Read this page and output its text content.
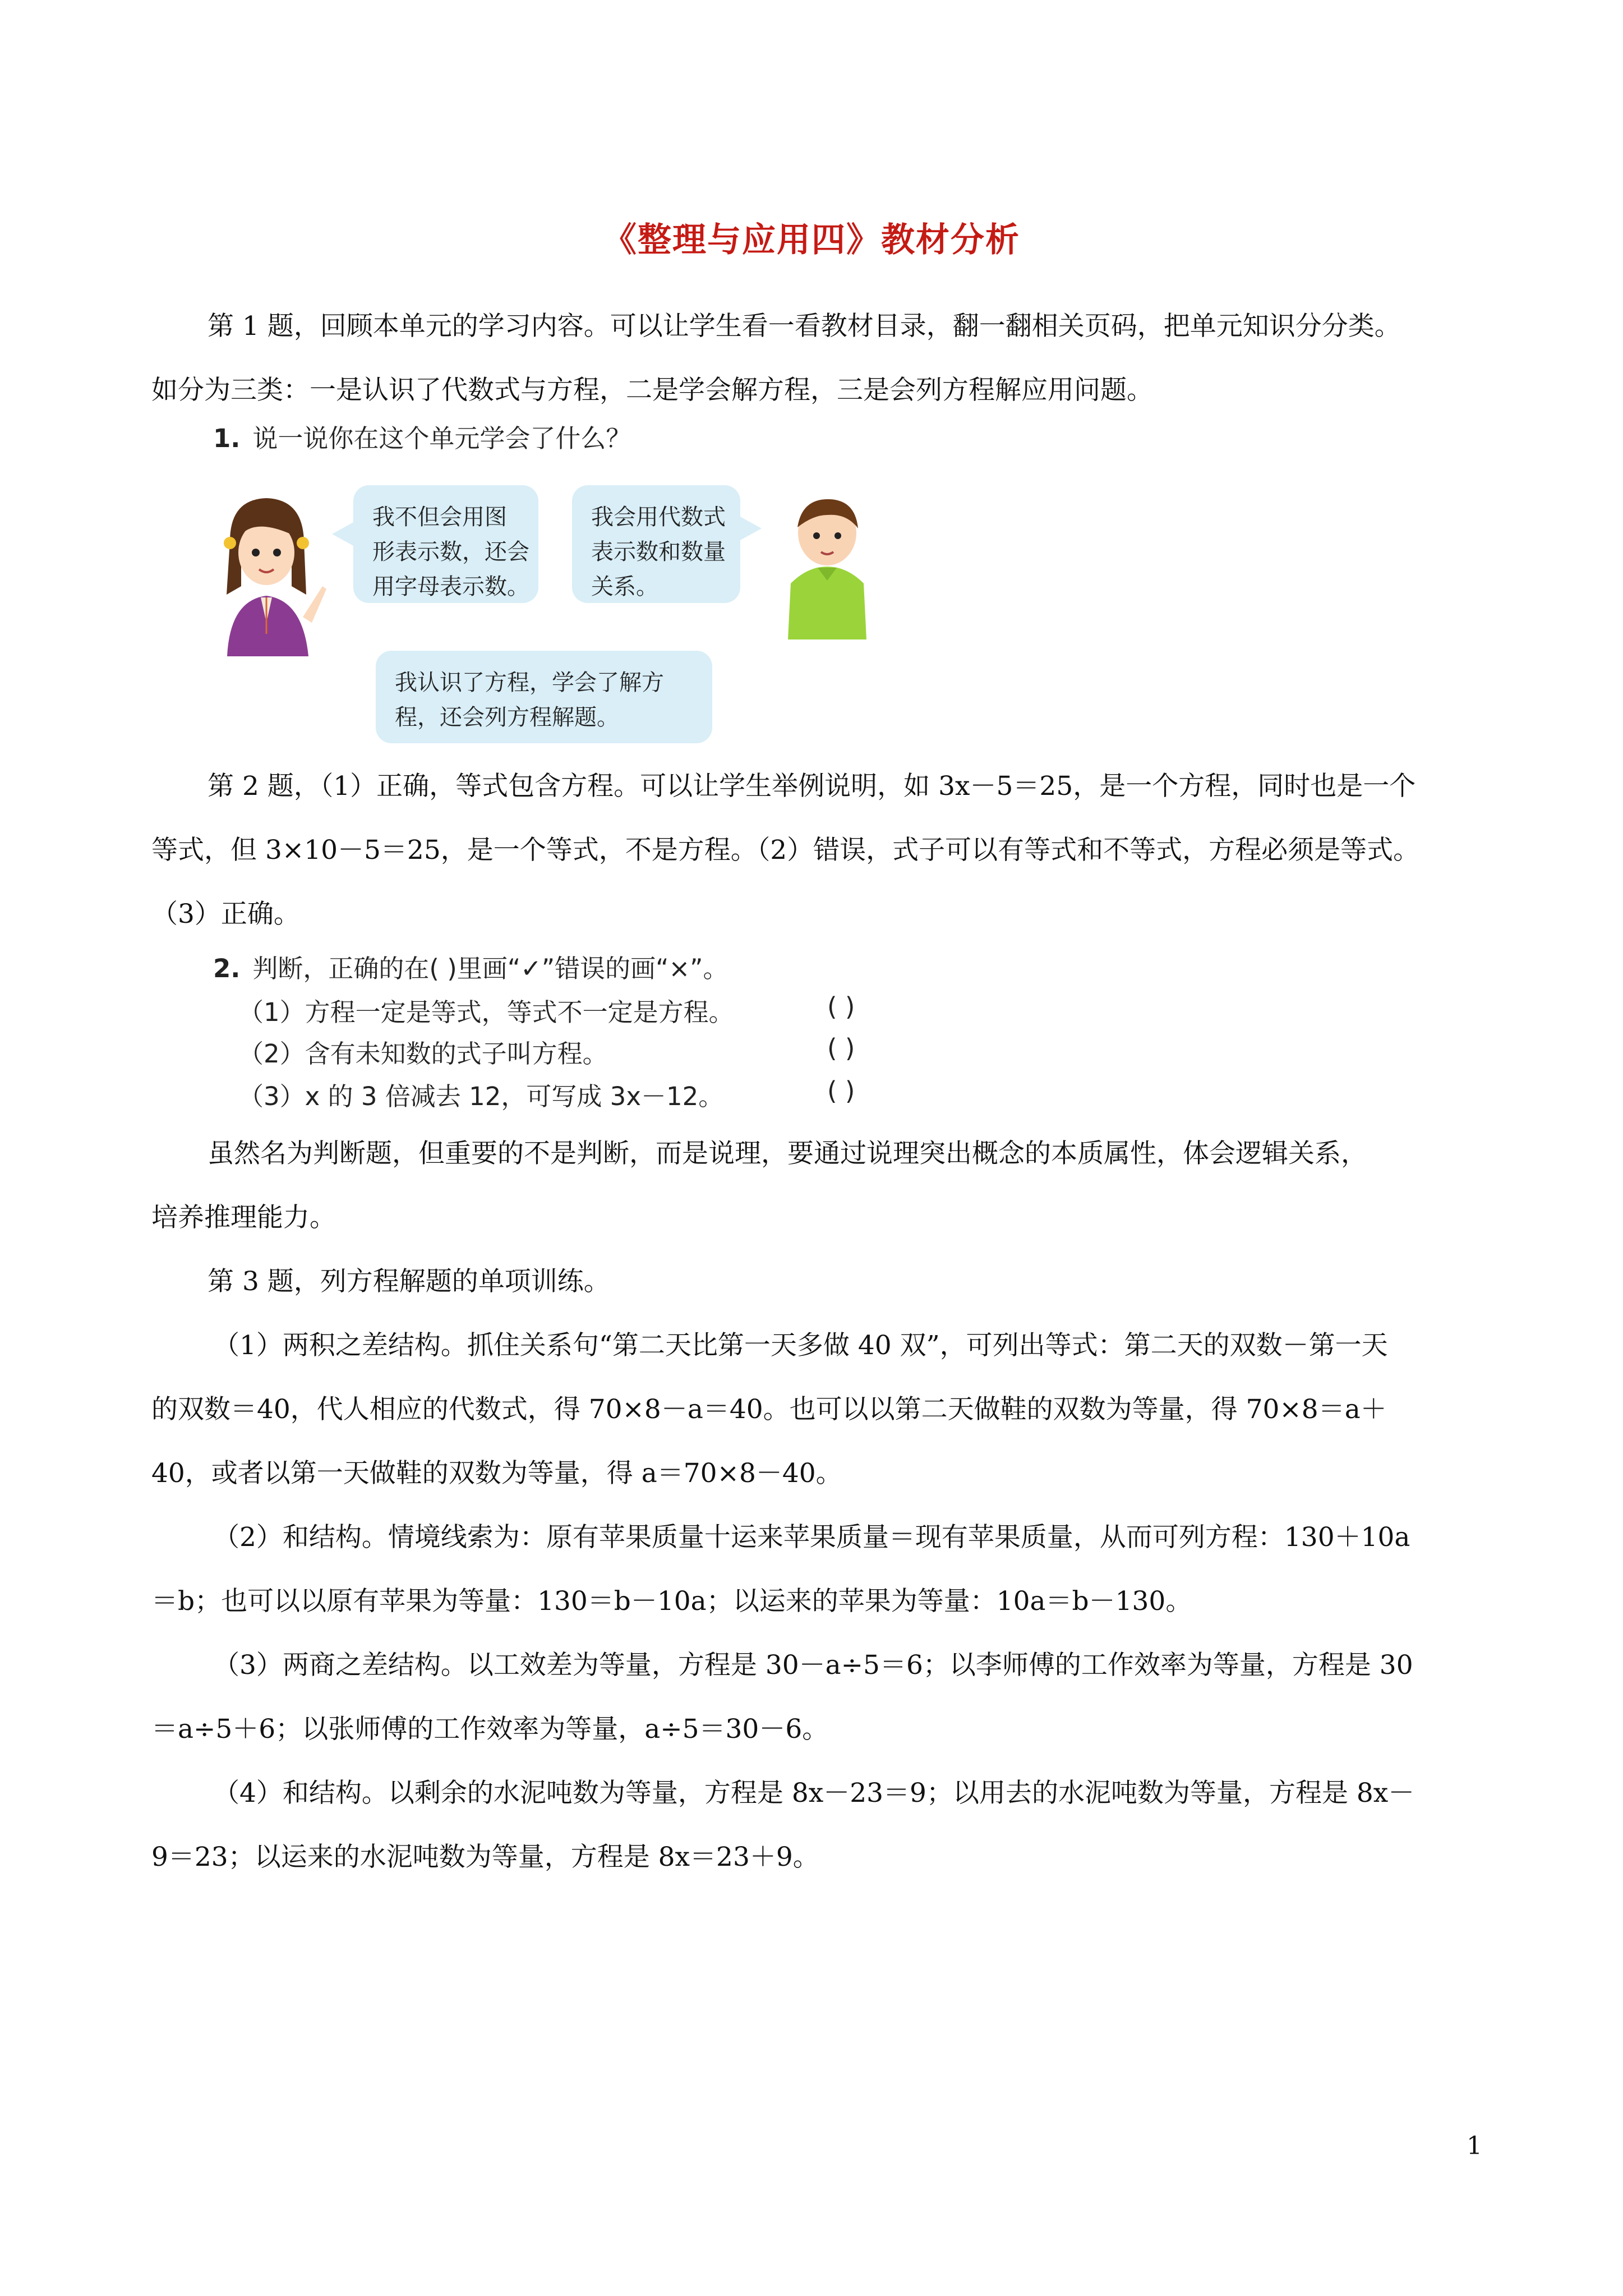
《整理与应用四》教材分析
第 1 题，回顾本单元的学习内容。可以让学生看一看教材目录，翻一翻相关页码，把单元知识分分类。
如分为三类：一是认识了代数式与方程，二是学会解方程，三是会列方程解应用问题。
1. 说一说你在这个单元学会了什么？
我不但会用图
形表示数，还会
用字母表示数。
我会用代数式
表示数和数量
关系。
我认识了方程，学会了解方
程，还会列方程解题。
第 2 题，（1）正确，等式包含方程。可以让学生举例说明，如 3x－5＝25，是一个方程，同时也是一个
等式，但 3×10－5＝25，是一个等式，不是方程。（2）错误，式子可以有等式和不等式，方程必须是等式。
（3）正确。
2. 判断，正确的在( )里画“✓”错误的画“×”。
（1）方程一定是等式，等式不一定是方程。	( )
（2）含有未知数的式子叫方程。	( )
（3）x 的 3 倍减去 12，可写成 3x－12。	( )
虽然名为判断题，但重要的不是判断，而是说理，要通过说理突出概念的本质属性，体会逻辑关系，
培养推理能力。
第 3 题，列方程解题的单项训练。
（1）两积之差结构。抓住关系句“第二天比第一天多做 40 双”，可列出等式：第二天的双数－第一天
的双数＝40，代人相应的代数式，得 70×8－a＝40。也可以以第二天做鞋的双数为等量，得 70×8＝a＋
40，或者以第一天做鞋的双数为等量，得 a＝70×8－40。
（2）和结构。情境线索为：原有苹果质量十运来苹果质量＝现有苹果质量，从而可列方程：130＋10a
＝b；也可以以原有苹果为等量：130＝b－10a；以运来的苹果为等量：10a＝b－130。
（3）两商之差结构。以工效差为等量，方程是 30－a÷5＝6；以李师傅的工作效率为等量，方程是 30
＝a÷5＋6；以张师傅的工作效率为等量，a÷5＝30－6。
（4）和结构。以剩余的水泥吨数为等量，方程是 8x－23＝9；以用去的水泥吨数为等量，方程是 8x－
9＝23；以运来的水泥吨数为等量，方程是 8x＝23＋9。
1
